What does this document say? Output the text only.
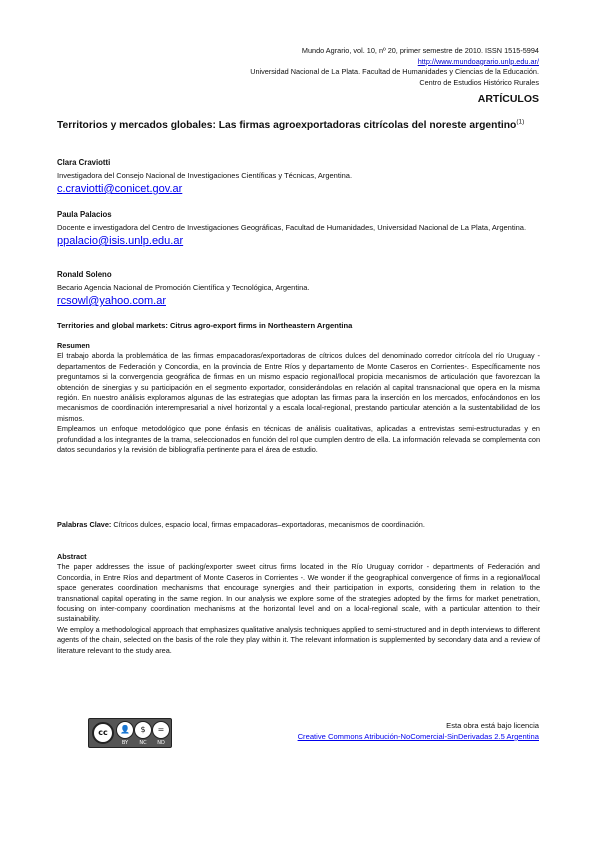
Mundo Agrario, vol. 10, nº 20, primer semestre de 2010. ISSN 1515-5994
http://www.mundoagrario.unlp.edu.ar/
Universidad Nacional de La Plata. Facultad de Humanidades y Ciencias de la Educación.
Centro de Estudios Histórico Rurales
ARTÍCULOS
Territorios y mercados globales: Las firmas agroexportadoras citrícolas del noreste argentino$^{(1)}$
Clara Craviotti
Investigadora del Consejo Nacional de Investigaciones Científicas y Técnicas, Argentina.
c.craviotti@conicet.gov.ar
Paula Palacios
Docente e investigadora del Centro de Investigaciones Geográficas, Facultad de Humanidades, Universidad Nacional de La Plata, Argentina.
ppalacio@isis.unlp.edu.ar
Ronald Soleno
Becario Agencia Nacional de Promoción Científica y Tecnológica, Argentina.
rcsowl@yahoo.com.ar
Territories and global markets: Citrus agro-export firms in Northeastern Argentina
Resumen

El trabajo aborda la problemática de las firmas empacadoras/exportadoras de cítricos dulces del denominado corredor citrícola del río Uruguay -departamentos de Federación y Concordia, en la provincia de Entre Ríos y departamento de Monte Caseros en Corrientes-. Específicamente nos preguntamos si la convergencia geográfica de firmas en un mismo espacio regional/local propicia mecanismos de articulación que favorezcan la obtención de sinergias y su participación en el segmento exportador, considerándolas en relación al capital transnacional que opera en la misma región. En nuestro análisis exploramos algunas de las estrategias que adoptan las firmas para la inserción en los mercados, enfocándonos en los mecanismos de coordinación interempresarial a nivel horizontal y a escala local-regional, prestando particular atención a la sustentabilidad de los mismos.

Empleamos un enfoque metodológico que pone énfasis en técnicas de análisis cualitativas, aplicadas a entrevistas semi-estructuradas y en profundidad a los integrantes de la trama, seleccionados en función del rol que cumplen dentro de ella. La información relevada se complementa con datos secundarios y la revisión de bibliografía pertinente para el área de estudio.

Palabras Clave: Cítricos dulces, espacio local, firmas empacadoras–exportadoras, mecanismos de coordinación.
Abstract

The paper addresses the issue of packing/exporter sweet citrus firms located in the Río Uruguay corridor - departments of Federación and Concordia, in Entre Ríos and department of Monte Caseros in Corrientes -. We wonder if the geographical convergence of firms in a regional/local space generates coordination mechanisms that encourage synergies and their participation in exports, considering them in relation to the transnational capital operating in the same region. In our analysis we explore some of the strategies adopted by the firms for market penetration, focusing on inter-company coordination mechanisms at the horizontal level and on a local-regional scale, with a particular attention to their sustainability.

We employ a methodological approach that emphasizes qualitative analysis techniques applied to semi-structured and in depth interviews to different agents of the chain, selected on the basis of the role they play within it. The relevant information is supplemented by secondary data and a review of literature relevant to the study area.

cc	👤	$	=
BY	NC	ND
Esta obra está bajo licencia
Creative Commons Atribución-NoComercial-SinDerivadas 2.5 Argentina
